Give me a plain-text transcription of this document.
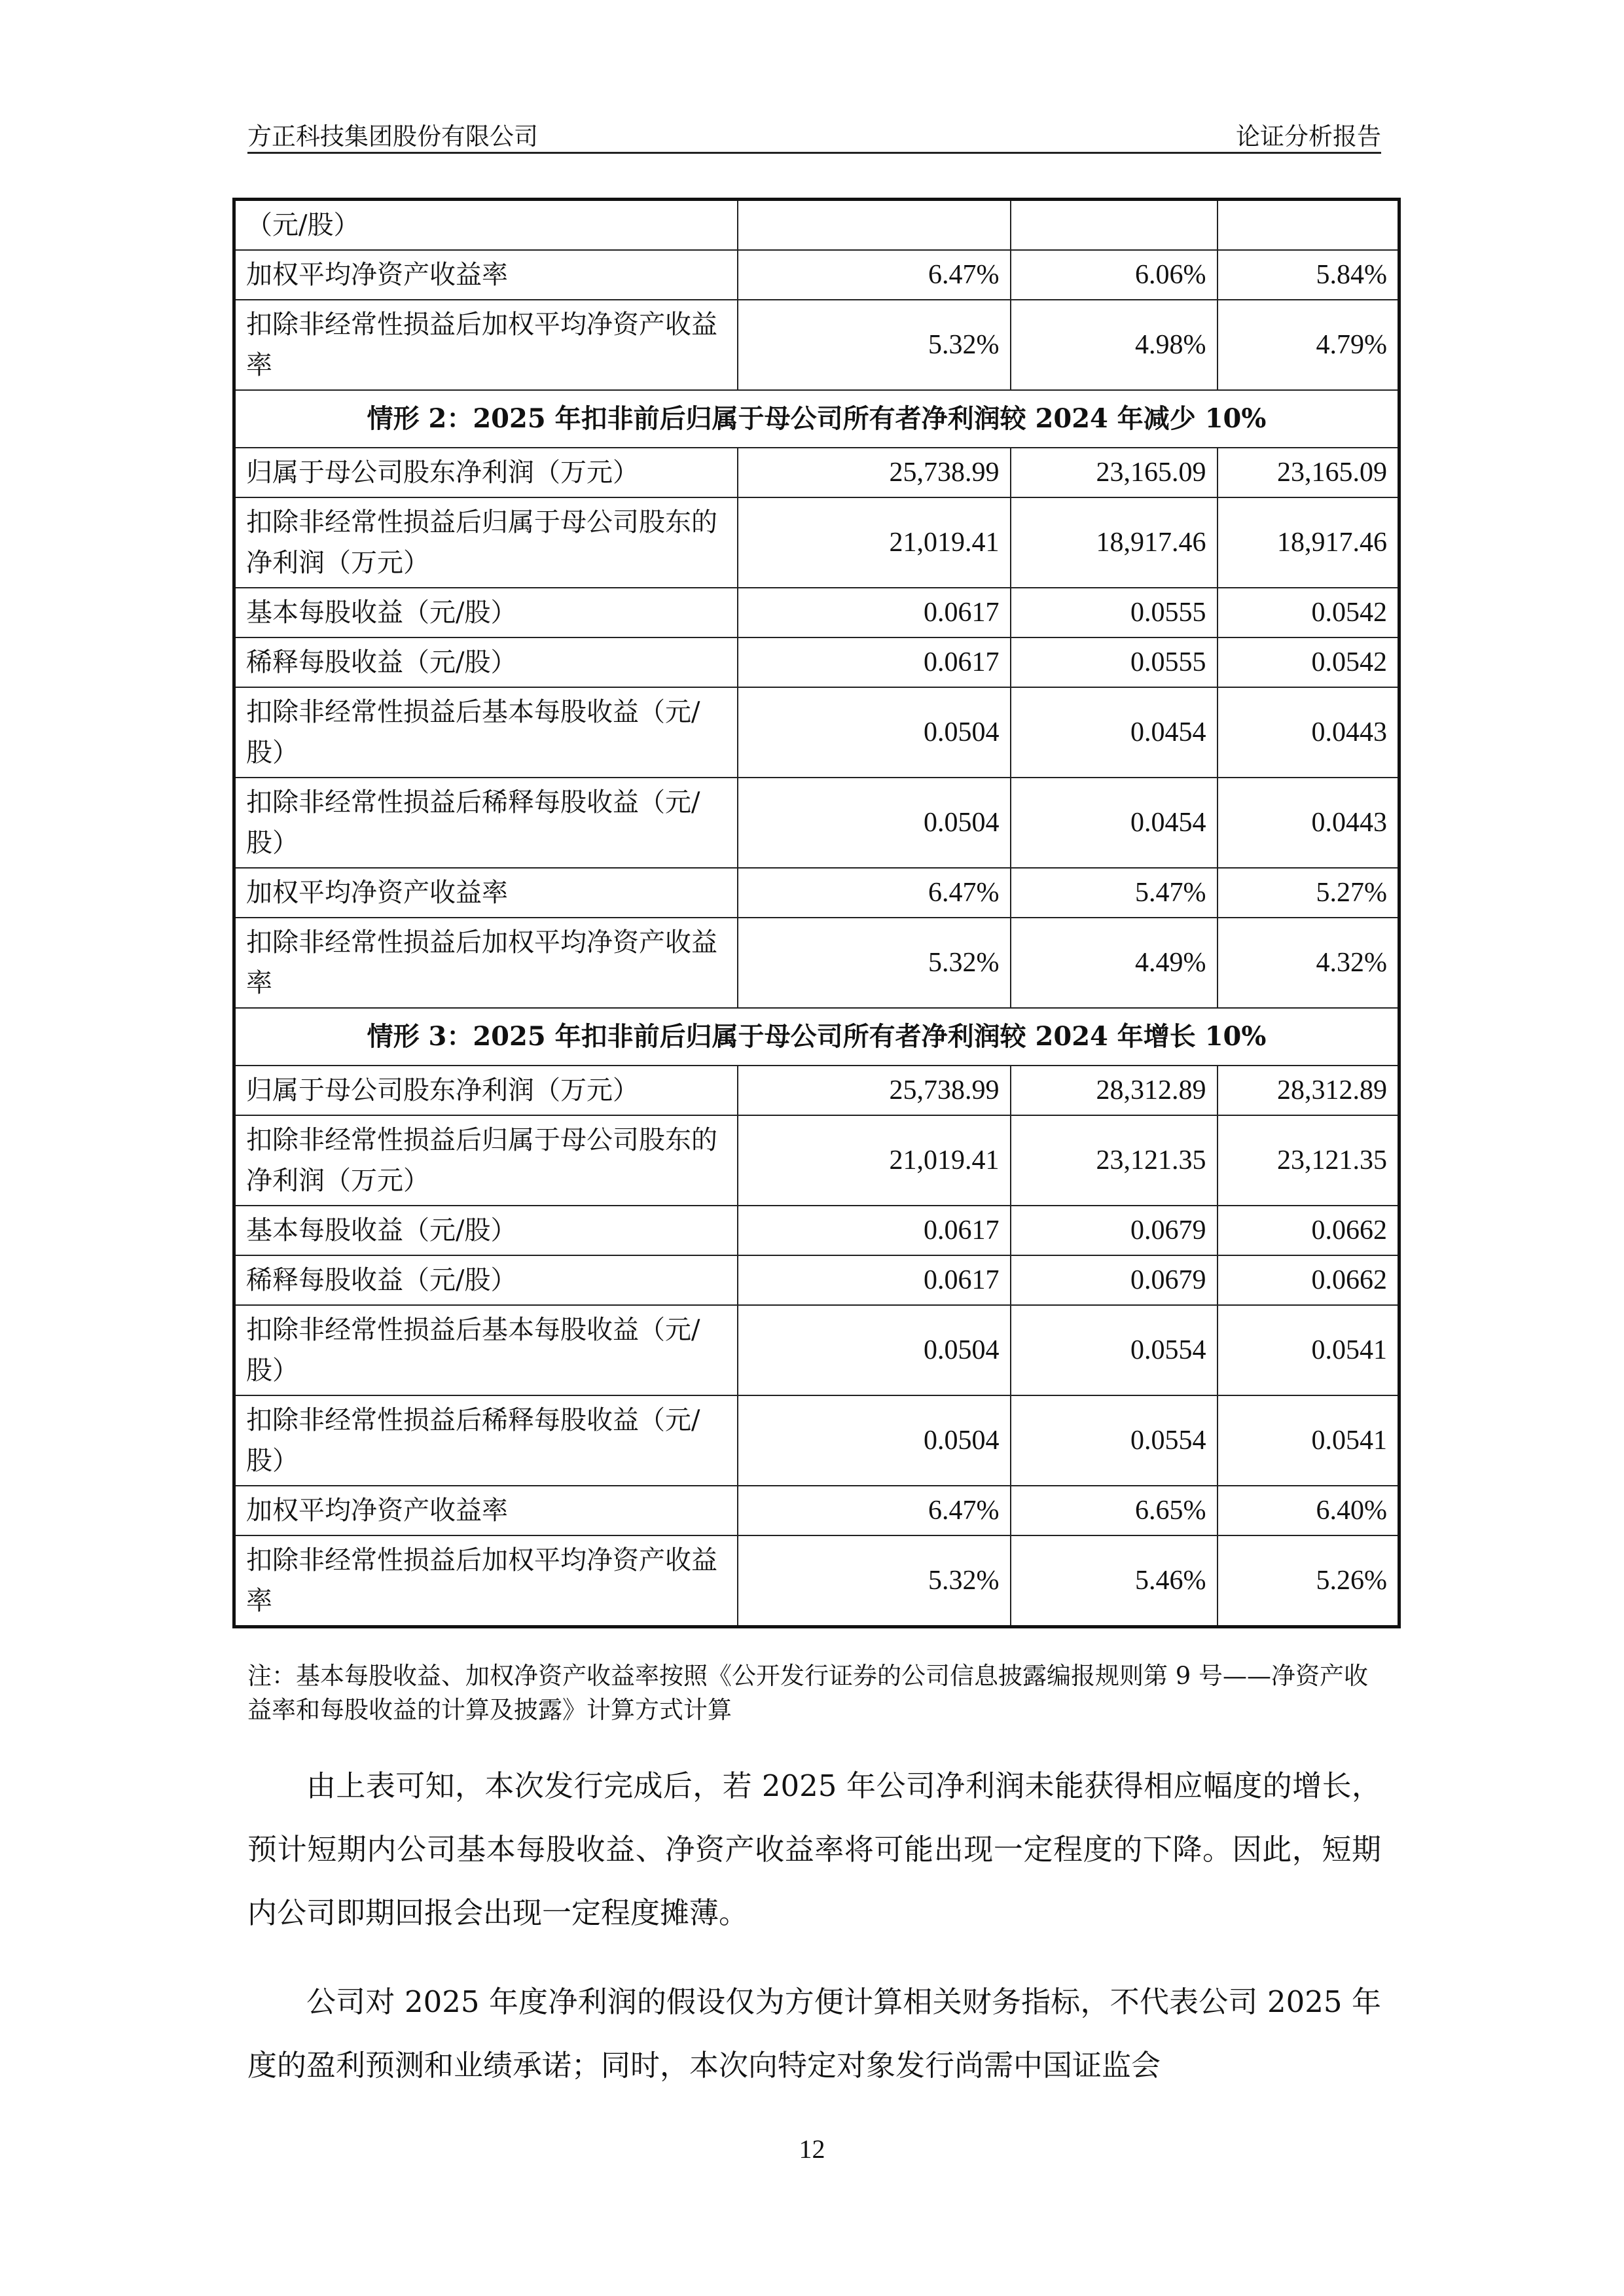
方正科技集团股份有限公司	论证分析报告
（元/股）			
加权平均净资产收益率	6.47%	6.06%	5.84%
扣除非经常性损益后加权平均净资产收益率	5.32%	4.98%	4.79%
情形 2：2025 年扣非前后归属于母公司所有者净利润较 2024 年减少 10%			
归属于母公司股东净利润（万元）	25,738.99	23,165.09	23,165.09
扣除非经常性损益后归属于母公司股东的净利润（万元）	21,019.41	18,917.46	18,917.46
基本每股收益（元/股）	0.0617	0.0555	0.0542
稀释每股收益（元/股）	0.0617	0.0555	0.0542
扣除非经常性损益后基本每股收益（元/股）	0.0504	0.0454	0.0443
扣除非经常性损益后稀释每股收益（元/股）	0.0504	0.0454	0.0443
加权平均净资产收益率	6.47%	5.47%	5.27%
扣除非经常性损益后加权平均净资产收益率	5.32%	4.49%	4.32%
情形 3：2025 年扣非前后归属于母公司所有者净利润较 2024 年增长 10%			
归属于母公司股东净利润（万元）	25,738.99	28,312.89	28,312.89
扣除非经常性损益后归属于母公司股东的净利润（万元）	21,019.41	23,121.35	23,121.35
基本每股收益（元/股）	0.0617	0.0679	0.0662
稀释每股收益（元/股）	0.0617	0.0679	0.0662
扣除非经常性损益后基本每股收益（元/股）	0.0504	0.0554	0.0541
扣除非经常性损益后稀释每股收益（元/股）	0.0504	0.0554	0.0541
加权平均净资产收益率	6.47%	6.65%	6.40%
扣除非经常性损益后加权平均净资产收益率	5.32%	5.46%	5.26%
注：基本每股收益、加权净资产收益率按照《公开发行证券的公司信息披露编报规则第 9 号——净资产收益率和每股收益的计算及披露》计算方式计算
由上表可知，本次发行完成后，若 2025 年公司净利润未能获得相应幅度的增长，预计短期内公司基本每股收益、净资产收益率将可能出现一定程度的下降。因此，短期内公司即期回报会出现一定程度摊薄。
公司对 2025 年度净利润的假设仅为方便计算相关财务指标，不代表公司 2025 年度的盈利预测和业绩承诺；同时，本次向特定对象发行尚需中国证监会
12
